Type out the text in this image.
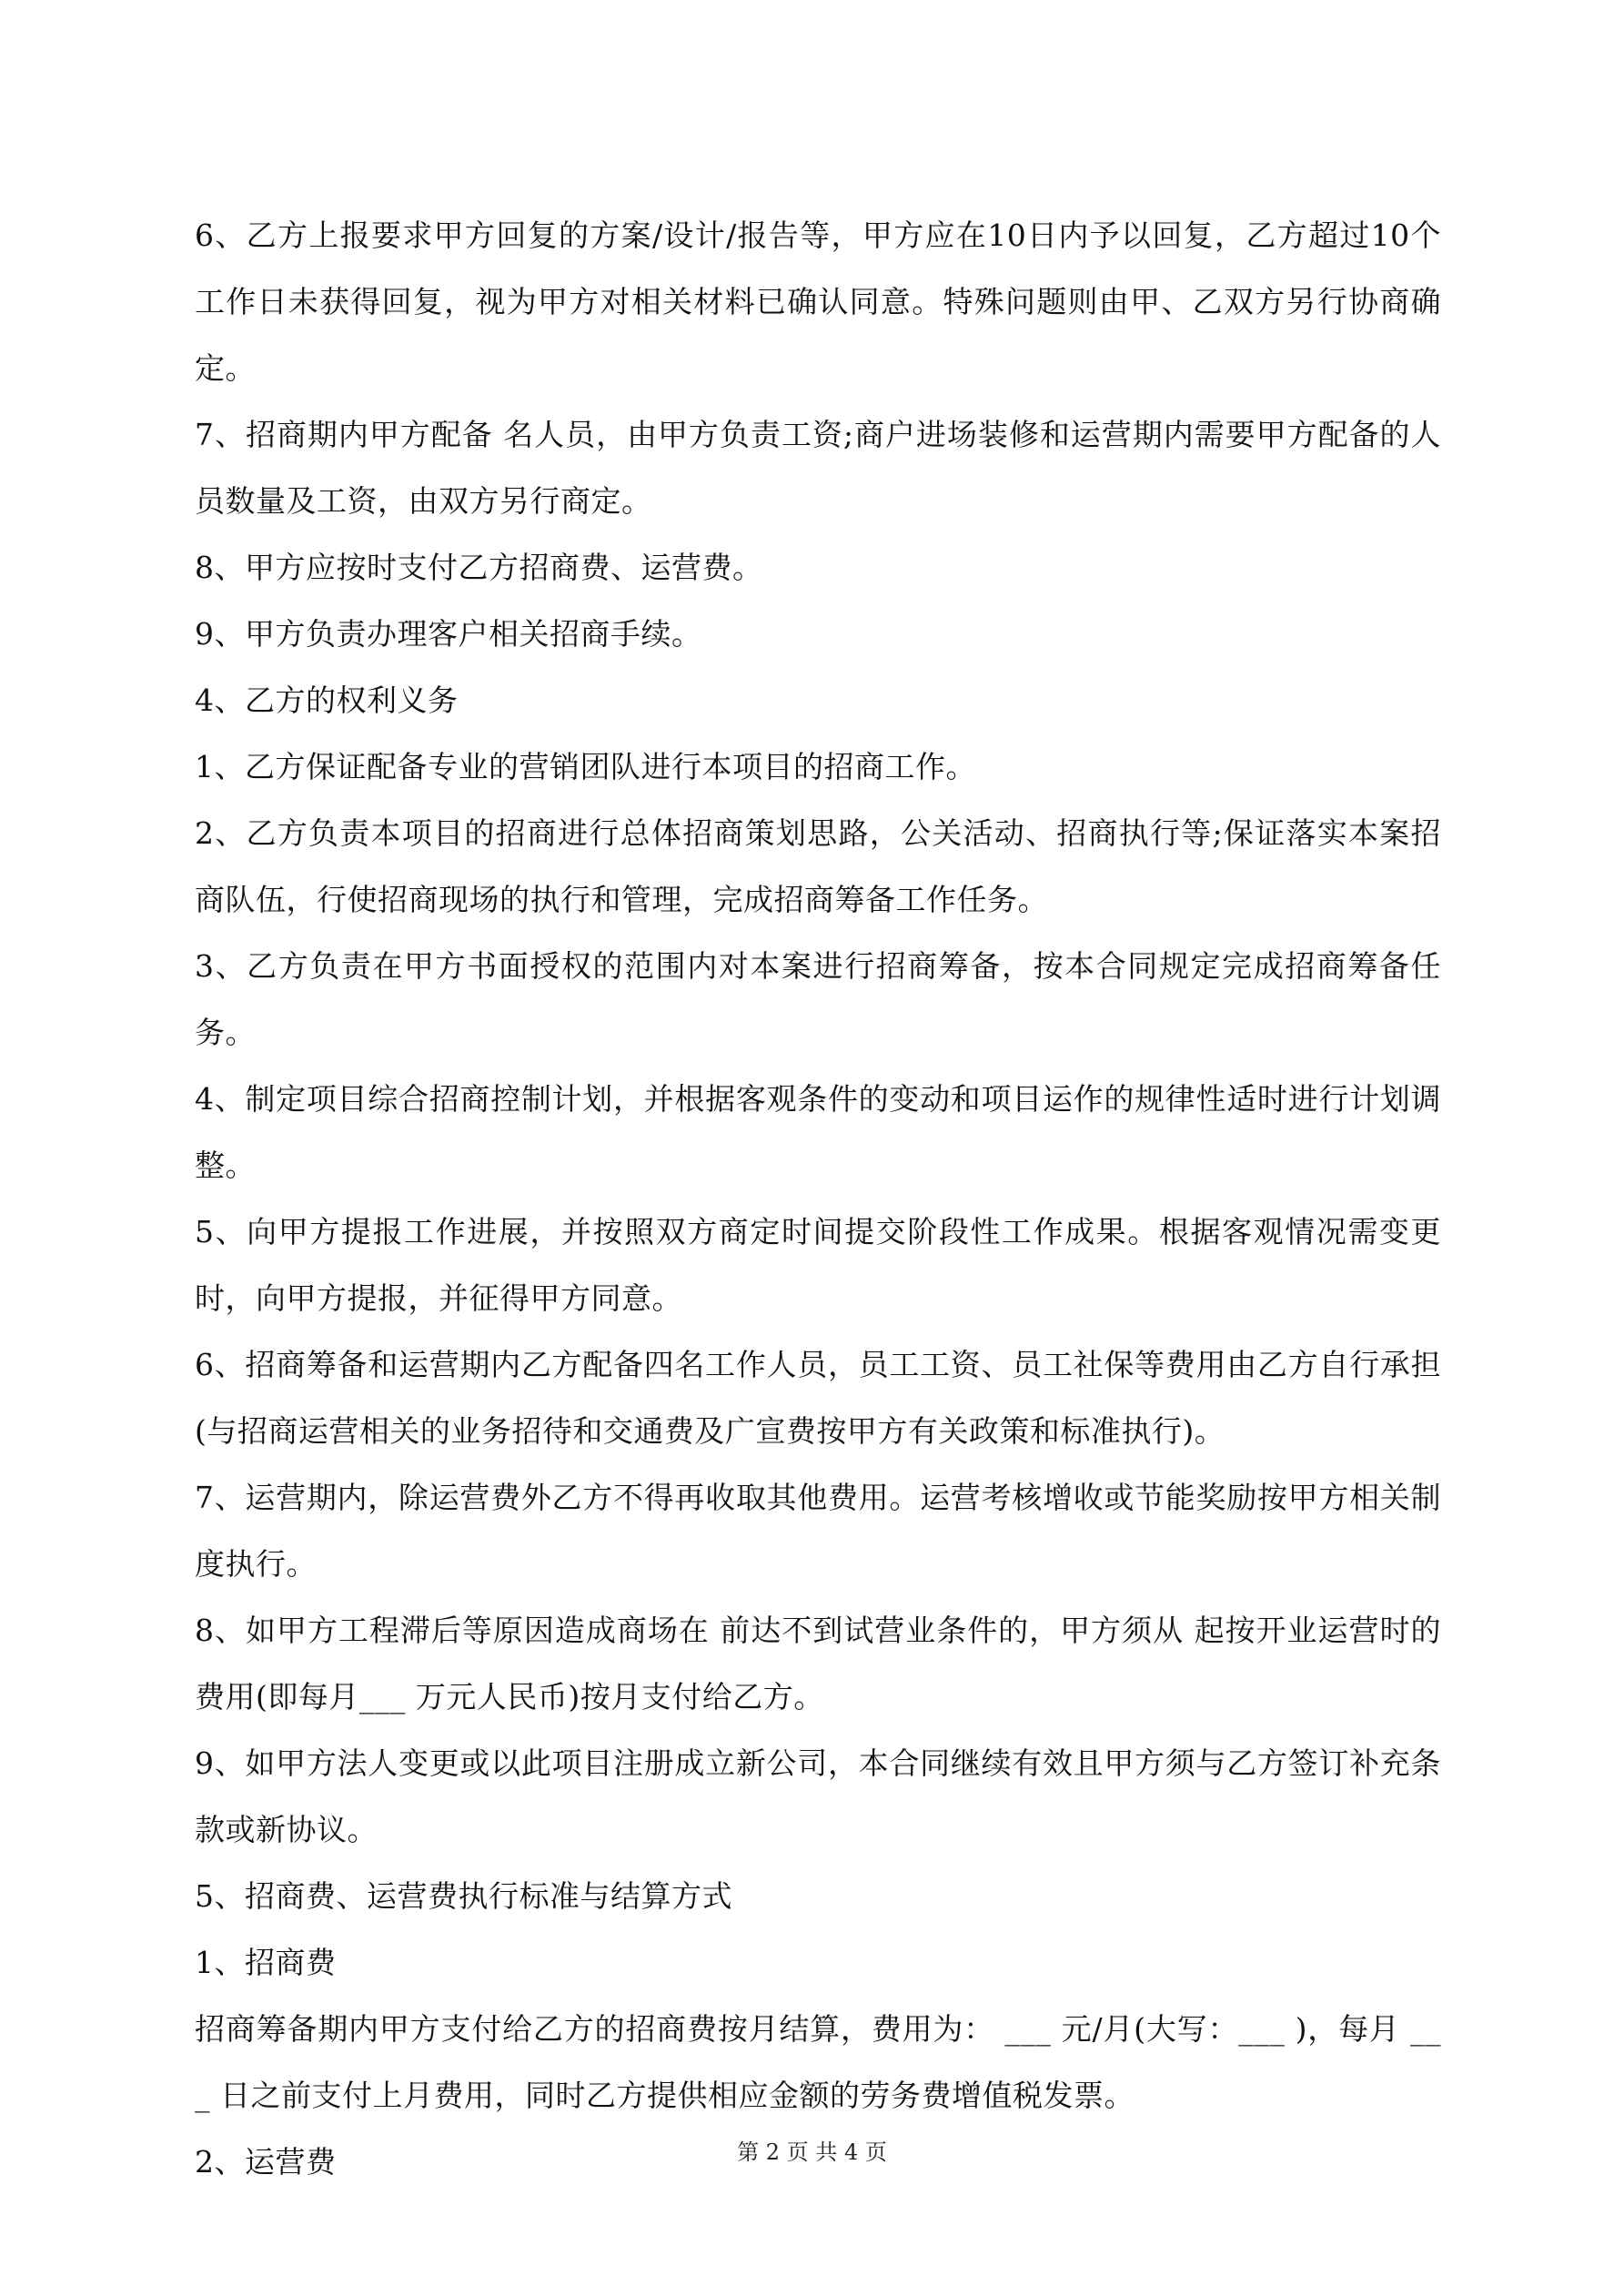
6、乙方上报要求甲方回复的方案/设计/报告等，甲方应在10日内予以回复，乙方超过10个工作日未获得回复，视为甲方对相关材料已确认同意。特殊问题则由甲、乙双方另行协商确定。

7、招商期内甲方配备 名人员，由甲方负责工资;商户进场装修和运营期内需要甲方配备的人员数量及工资，由双方另行商定。

8、甲方应按时支付乙方招商费、运营费。

9、甲方负责办理客户相关招商手续。

4、乙方的权利义务

1、乙方保证配备专业的营销团队进行本项目的招商工作。

2、乙方负责本项目的招商进行总体招商策划思路，公关活动、招商执行等;保证落实本案招商队伍，行使招商现场的执行和管理，完成招商筹备工作任务。

3、乙方负责在甲方书面授权的范围内对本案进行招商筹备，按本合同规定完成招商筹备任务。

4、制定项目综合招商控制计划，并根据客观条件的变动和项目运作的规律性适时进行计划调整。

5、向甲方提报工作进展，并按照双方商定时间提交阶段性工作成果。根据客观情况需变更时，向甲方提报，并征得甲方同意。

6、招商筹备和运营期内乙方配备四名工作人员，员工工资、员工社保等费用由乙方自行承担(与招商运营相关的业务招待和交通费及广宣费按甲方有关政策和标准执行)。

7、运营期内，除运营费外乙方不得再收取其他费用。运营考核增收或节能奖励按甲方相关制度执行。

8、如甲方工程滞后等原因造成商场在 前达不到试营业条件的，甲方须从 起按开业运营时的费用(即每月___ 万元人民币)按月支付给乙方。

9、如甲方法人变更或以此项目注册成立新公司，本合同继续有效且甲方须与乙方签订补充条款或新协议。

5、招商费、运营费执行标准与结算方式

1、招商费

招商筹备期内甲方支付给乙方的招商费按月结算，费用为： ___ 元/月(大写：___ )，每月 ___ 日之前支付上月费用，同时乙方提供相应金额的劳务费增值税发票。

2、运营费	第 2 页 共 4 页
